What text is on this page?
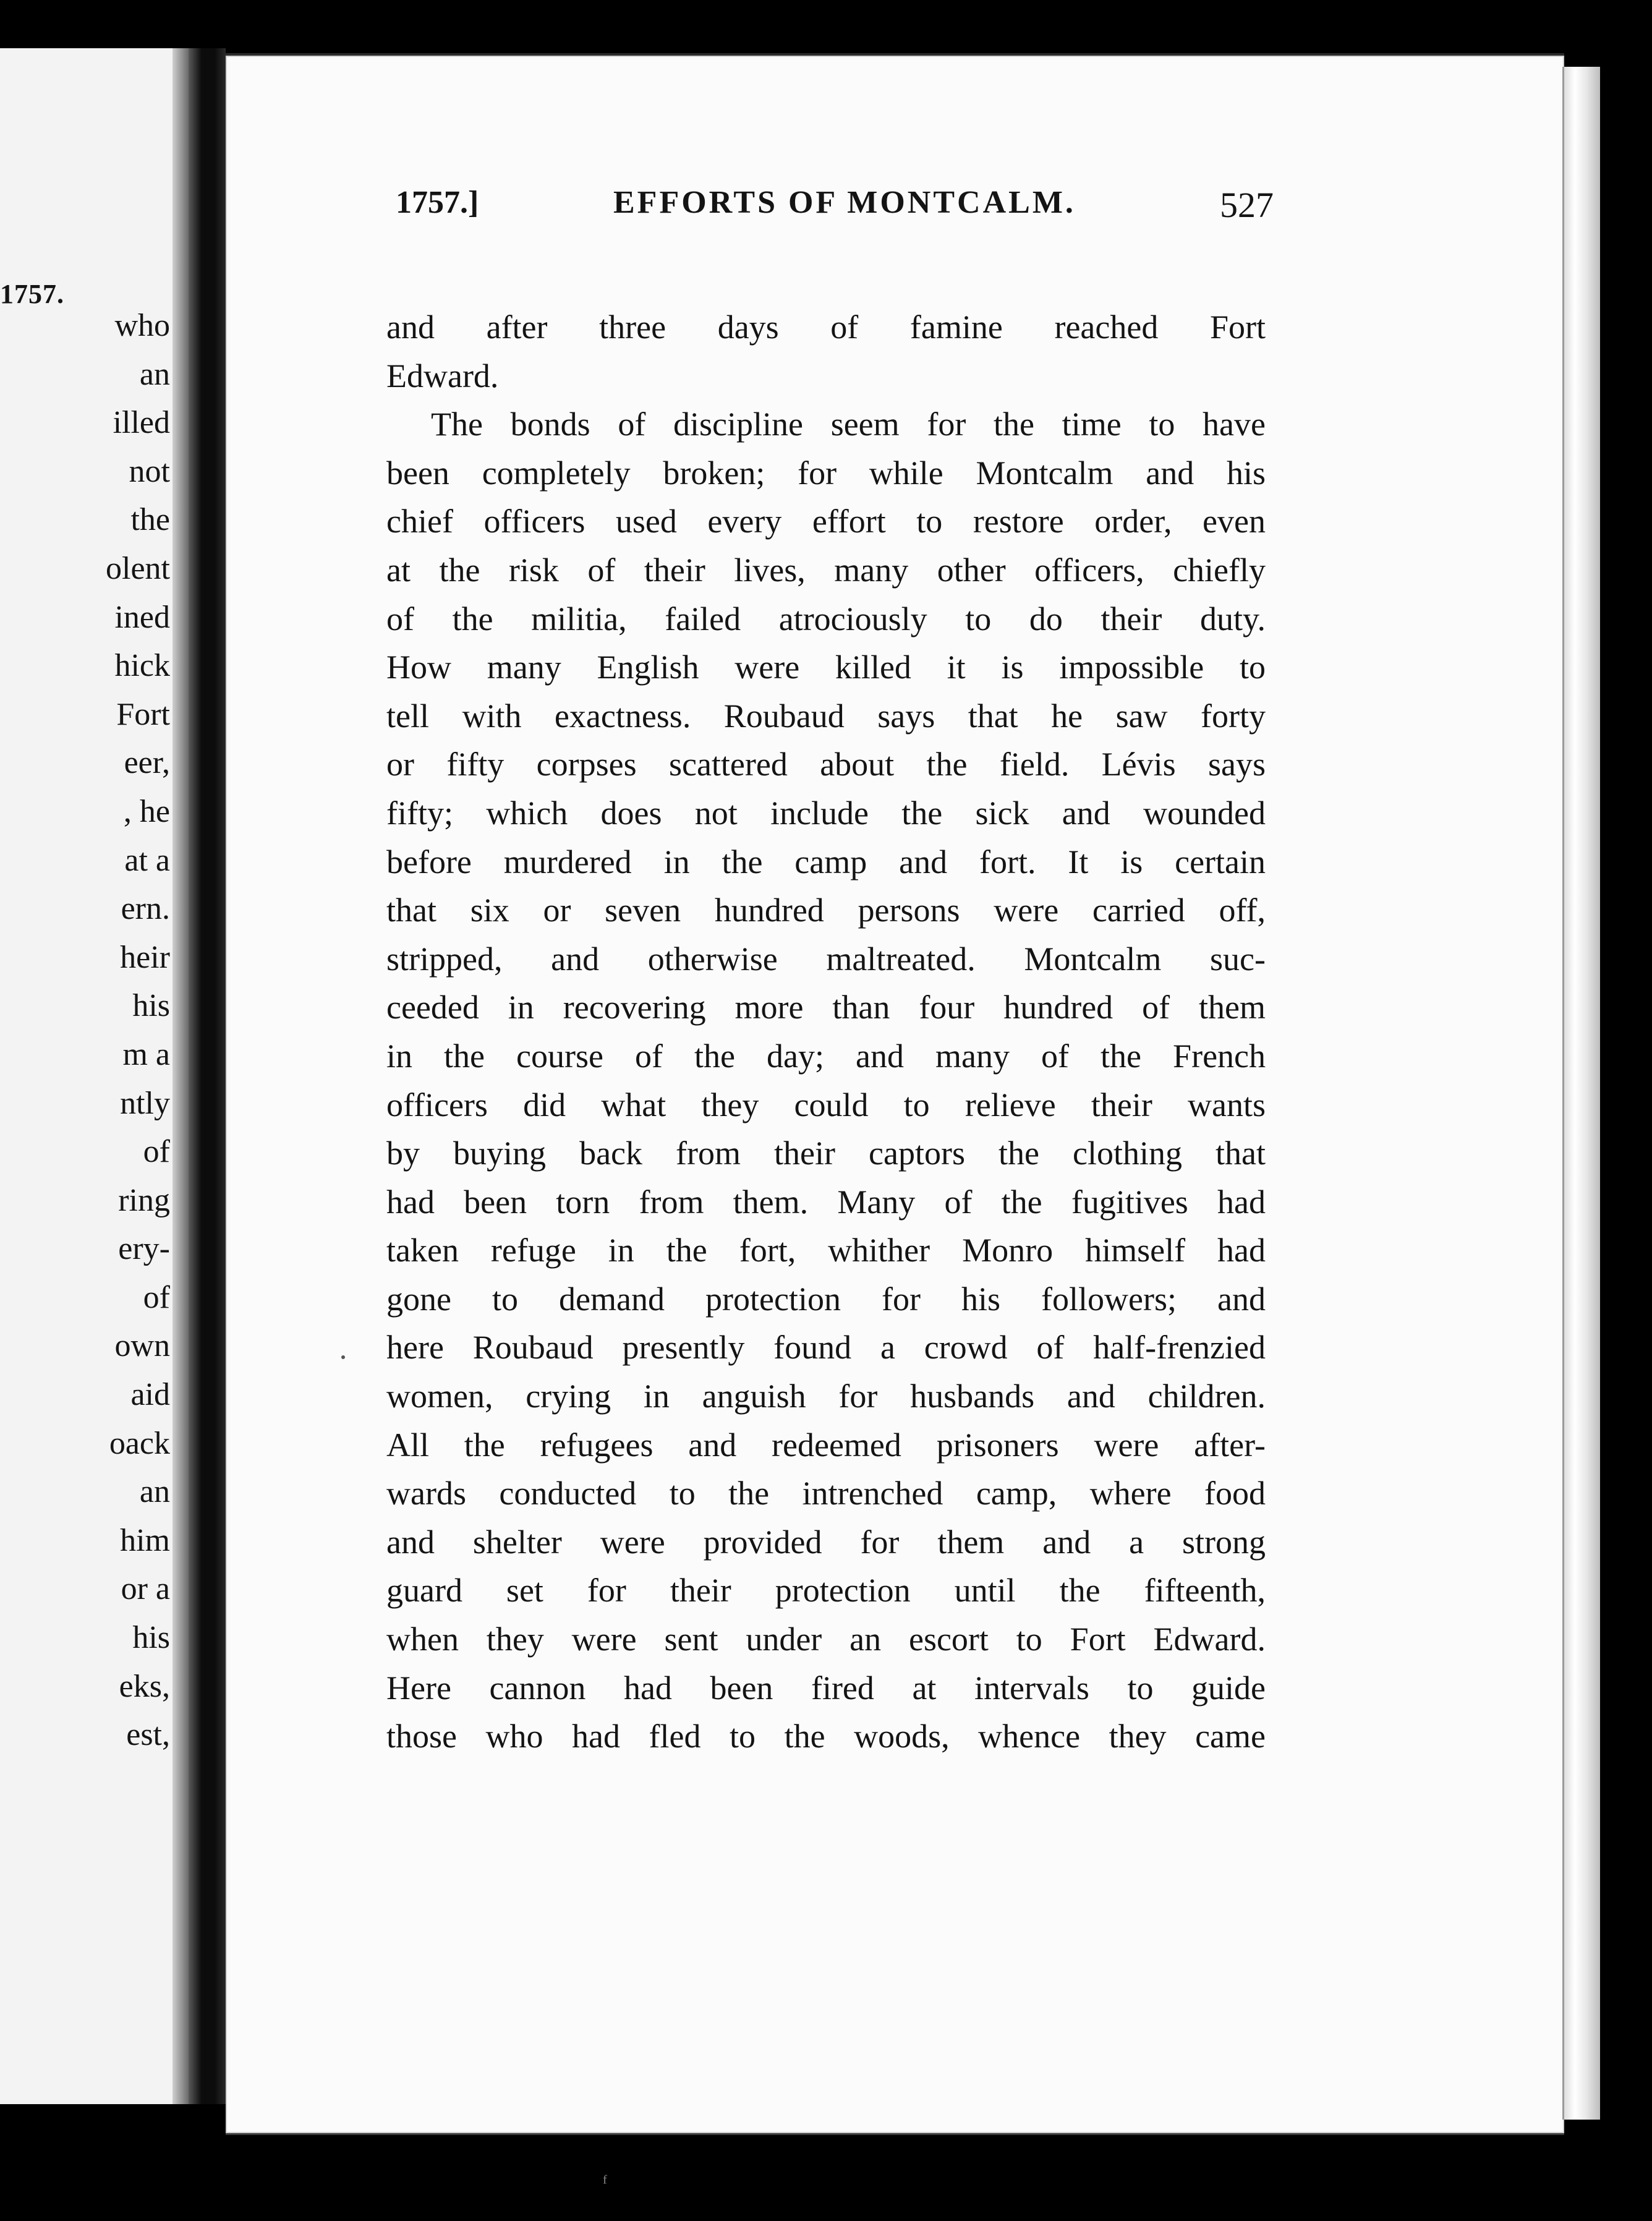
1757.
who
an
illed
not
the
olent
ined
hick
Fort
eer,
, he
at a
ern.
heir
his
m a
ntly
of
ring
ery-
of
own
aid
oack
an
him
or a
his
eks,
est,
1757.]	EFFORTS OF MONTCALM.	527
and after three days of famine reached Fort
Edward.
The bonds of discipline seem for the time to have
been completely broken; for while Montcalm and his
chief officers used every effort to restore order, even
at the risk of their lives, many other officers, chiefly
of the militia, failed atrociously to do their duty.
How many English were killed it is impossible to
tell with exactness. Roubaud says that he saw forty
or fifty corpses scattered about the field. Lévis says
fifty; which does not include the sick and wounded
before murdered in the camp and fort. It is certain
that six or seven hundred persons were carried off,
stripped, and otherwise maltreated. Montcalm suc-
ceeded in recovering more than four hundred of them
in the course of the day; and many of the French
officers did what they could to relieve their wants
by buying back from their captors the clothing that
had been torn from them. Many of the fugitives had
taken refuge in the fort, whither Monro himself had
gone to demand protection for his followers; and
here Roubaud presently found a crowd of half-frenzied
women, crying in anguish for husbands and children.
All the refugees and redeemed prisoners were after-
wards conducted to the intrenched camp, where food
and shelter were provided for them and a strong
guard set for their protection until the fifteenth,
when they were sent under an escort to Fort Edward.
Here cannon had been fired at intervals to guide
those who had fled to the woods, whence they came
ᶠ
